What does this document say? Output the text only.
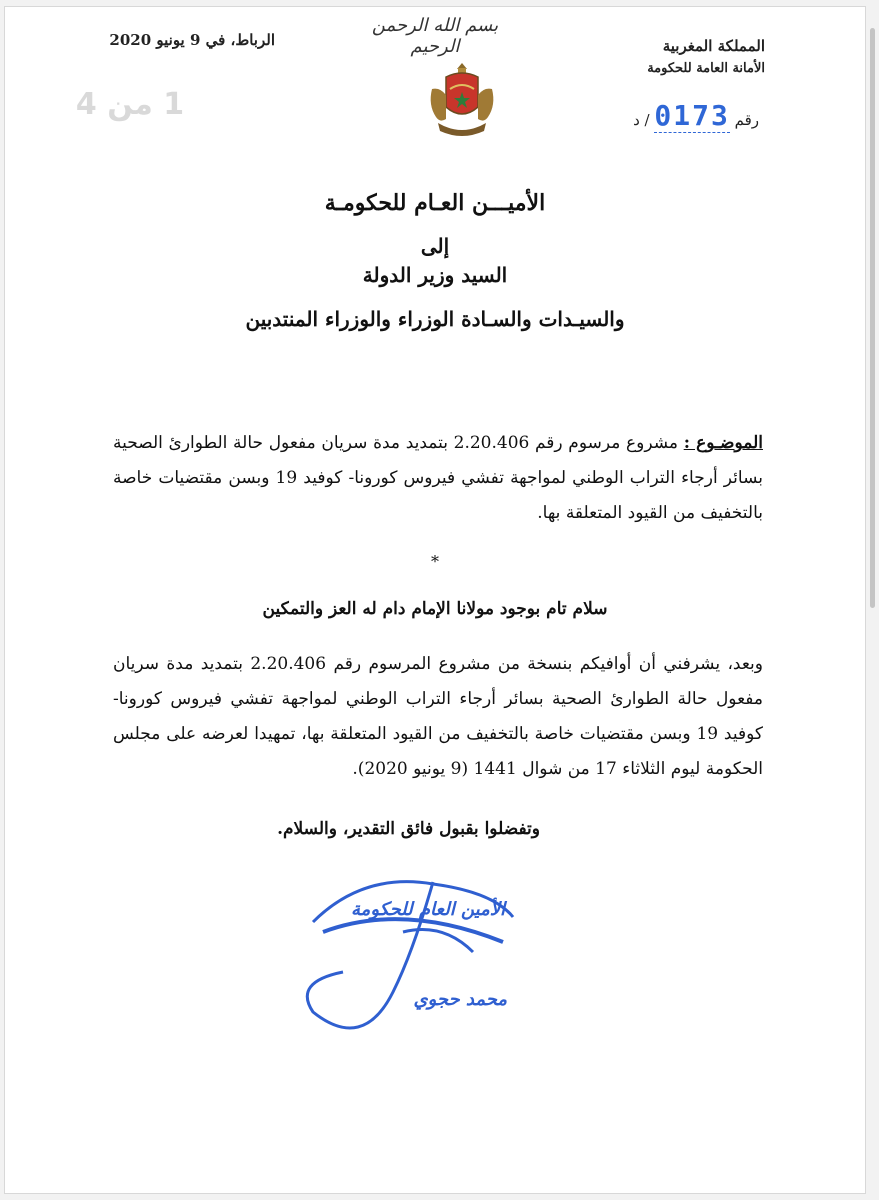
1 من 4
بسم الله الرحمن الرحيم
الرباط، في 9 يونيو 2020	المملكة المغربية
الأمانة العامة للحكومة
رقم 0173 / د
الأميـــن العـام للحكومـة
إلى
السيد وزير الدولة
والسيـدات والسـادة الوزراء والوزراء المنتدبين
الموضـوع : مشروع مرسوم رقم 2.20.406 بتمديد مدة سريان مفعول حالة الطوارئ الصحية بسائر أرجاء التراب الوطني لمواجهة تفشي فيروس كورونا- كوفيد 19 وبسن مقتضيات خاصة بالتخفيف من القيود المتعلقة بها.
*
سلام تام بوجود مولانا الإمام دام له العز والتمكين
وبعد، يشرفني أن أوافيكم بنسخة من مشروع المرسوم رقم 2.20.406 بتمديد مدة سريان مفعول حالة الطوارئ الصحية بسائر أرجاء التراب الوطني لمواجهة تفشي فيروس كورونا- كوفيد 19 وبسن مقتضيات خاصة بالتخفيف من القيود المتعلقة بها، تمهيدا لعرضه على مجلس الحكومة ليوم الثلاثاء 17 من شوال 1441 (9 يونيو 2020).
وتفضلوا بقبول فائق التقدير، والسلام.
الأمين العام للحكومة
محمد حجوي
